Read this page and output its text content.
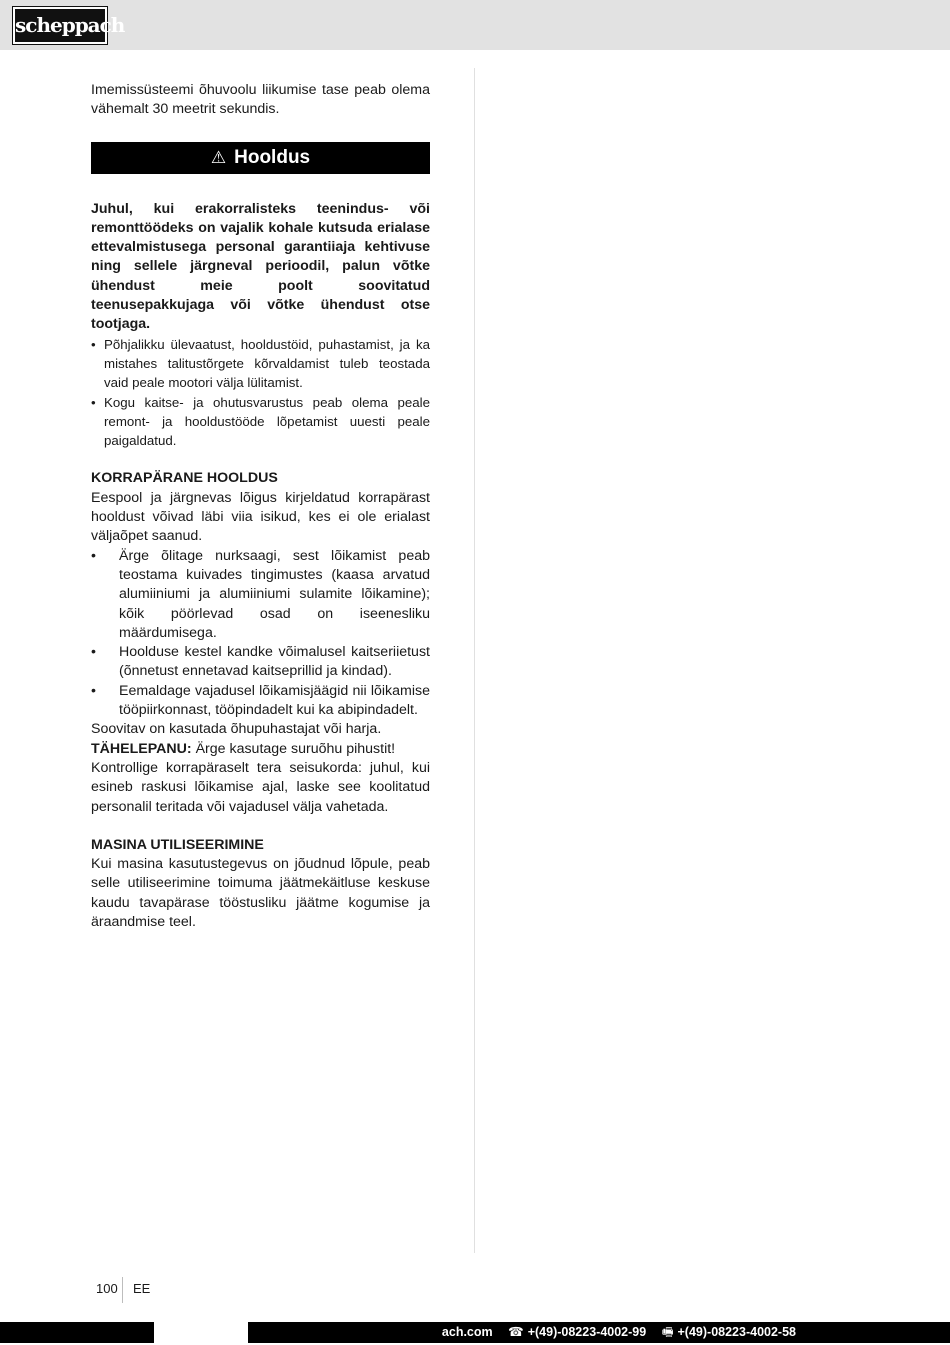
scheppach

Imemissüsteemi õhuvoolu liikumise tase peab olema vähemalt 30 meetrit sekundis.

⚠ Hooldus

Juhul, kui erakorralisteks teenindus- või remonttöödeks on vajalik kohale kutsuda erialase ettevalmistusega personal garantiiaja kehtivuse ning sellele järgneval perioodil, palun võtke ühendust meie poolt soovitatud teenusepakkujaga või võtke ühendust otse tootjaga.

• Põhjalikku ülevaatust, hooldustöid, puhastamist, ja ka mistahes talitustõrgete kõrvaldamist tuleb teostada vaid peale mootori välja lülitamist.
• Kogu kaitse- ja ohutusvarustus peab olema peale remont- ja hooldustööde lõpetamist uuesti peale paigaldatud.

KORRAPÄRANE HOOLDUS

Eespool ja järgnevas lõigus kirjeldatud korrapärast hooldust võivad läbi viia isikud, kes ei ole erialast väljaõpet saanud.

• Ärge õlitage nurksaagi, sest lõikamist peab teostama kuivades tingimustes (kaasa arvatud alumiiniumi ja alumiiniumi sulamite lõikamine); kõik pöörlevad osad on iseenesliku määrdumisega.
• Hoolduse kestel kandke võimalusel kaitseriietust (õnnetust ennetavad kaitseprillid ja kindad).
• Eemaldage vajadusel lõikamisjäägid nii lõikamise tööpiirkonnast, tööpindadelt kui ka abipindadelt.

Soovitav on kasutada õhupuhastajat või harja.

TÄHELEPANU: Ärge kasutage suruõhu pihustit!

Kontrollige korrapäraselt tera seisukorda: juhul, kui esineb raskusi lõikamise ajal, laske see koolitatud personalil teritada või vajadusel välja vahetada.

MASINA UTILISEERIMINE

Kui masina kasutustegevus on jõudnud lõpule, peab selle utiliseerimine toimuma jäätmekäitluse keskuse kaudu tavapärase tööstusliku jäätme kogumise ja äraandmise teel.

100 EE
ach.com ☎ +(49)-08223-4002-99 🖷 +(49)-08223-4002-58
